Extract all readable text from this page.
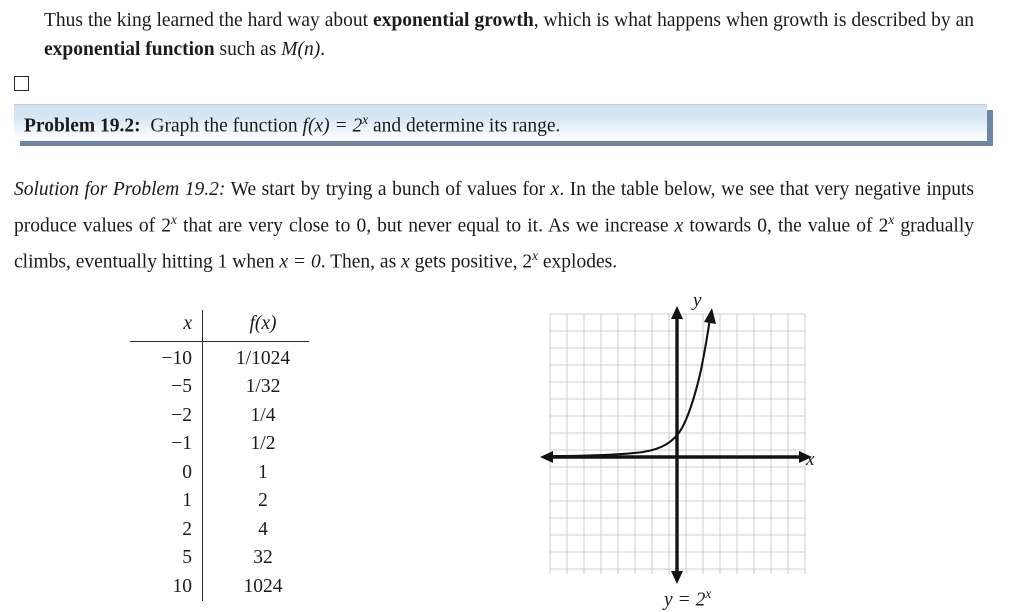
Thus the king learned the hard way about exponential growth, which is what happens when growth is described by an exponential function such as M(n).
Problem 19.2: Graph the function $f(x) = 2^x$ and determine its range.
Solution for Problem 19.2: We start by trying a bunch of values for x. In the table below, we see that very negative inputs produce values of 2$^x$ that are very close to 0, but never equal to it. As we increase x towards 0, the value of 2$^x$ gradually climbs, eventually hitting 1 when x = 0. Then, as x gets positive, 2$^x$ explodes.
x	f(x)
−10	1/1024
−5	1/32
−2	1/4
−1	1/2
0	1
1	2
2	4
5	32
10	1024
y
x
$y = 2^x$
